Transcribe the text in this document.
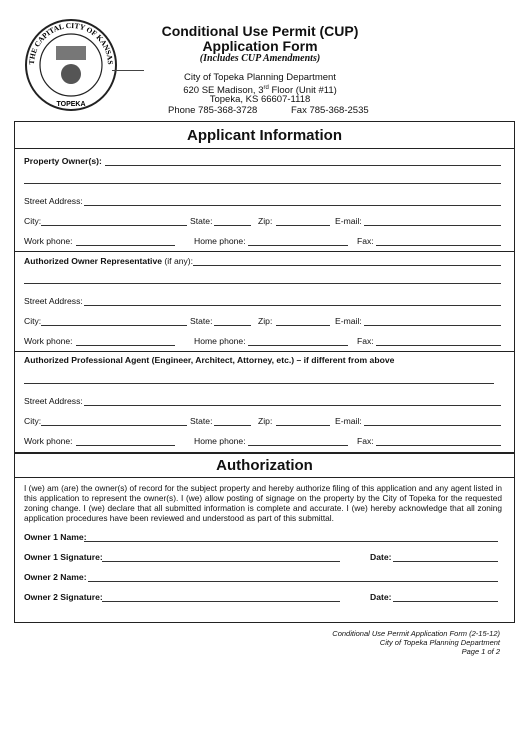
THE CAPITAL CITY OF KANSAS
TOPEKA
Conditional Use Permit (CUP)
Application Form
(Includes CUP Amendments)
City of Topeka Planning Department
620 SE Madison, 3rd Floor (Unit #11)
Topeka, KS 66607-1118
Phone 785-368-3728	Fax 785-368-2535
Applicant Information
Property Owner(s):
Street Address:
City:	State:	Zip:	E-mail:
Work phone:	Home phone:	Fax:
Authorized Owner Representative (if any):
Street Address:
City:	State:	Zip:	E-mail:
Work phone:	Home phone:	Fax:
Authorized Professional Agent (Engineer, Architect, Attorney, etc.) – if different from above
Street Address:
City:	State:	Zip:	E-mail:
Work phone:	Home phone:	Fax:
Authorization
I (we) am (are) the owner(s) of record for the subject property and hereby authorize filing of this application and any agent listed in this application to represent the owner(s). I (we) allow posting of signage on the property by the City of Topeka for the requested zoning change. I (we) declare that all submitted information is complete and accurate. I (we) hereby acknowledge that all zoning application procedures have been reviewed and understood as part of this submittal.
Owner 1 Name:
Owner 1 Signature:	Date:
Owner 2 Name:
Owner 2 Signature:	Date:
Conditional Use Permit Application Form (2-15-12)
City of Topeka Planning Department
Page 1 of 2
